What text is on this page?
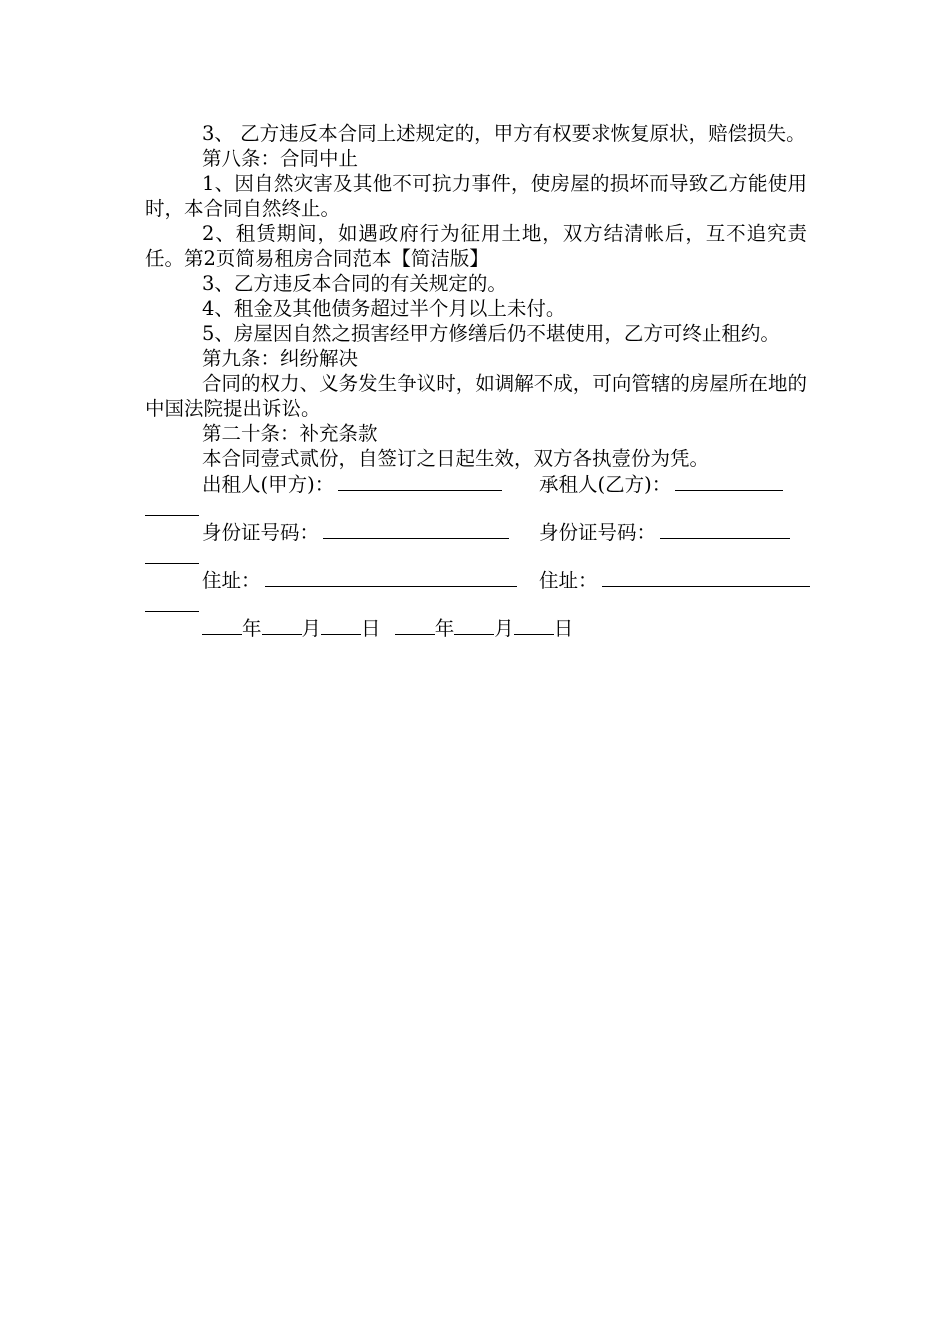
3、 乙方违反本合同上述规定的，甲方有权要求恢复原状，赔偿损失。

第八条：合同中止

1、因自然灾害及其他不可抗力事件，使房屋的损坏而导致乙方能使用时，本合同自然终止。

2、租赁期间，如遇政府行为征用土地，双方结清帐后，互不追究责任。第2页简易租房合同范本【简洁版】

3、乙方违反本合同的有关规定的。

4、租金及其他债务超过半个月以上未付。

5、房屋因自然之损害经甲方修缮后仍不堪使用，乙方可终止租约。

第九条：纠纷解决

合同的权力、义务发生争议时，如调解不成，可向管辖的房屋所在地的中国法院提出诉讼。

第二十条：补充条款

本合同壹式贰份，自签订之日起生效，双方各执壹份为凭。

出租人(甲方)：	承租人(乙方)：
身份证号码：	身份证号码：
住址：	住址：

年 月 日	年 月 日
